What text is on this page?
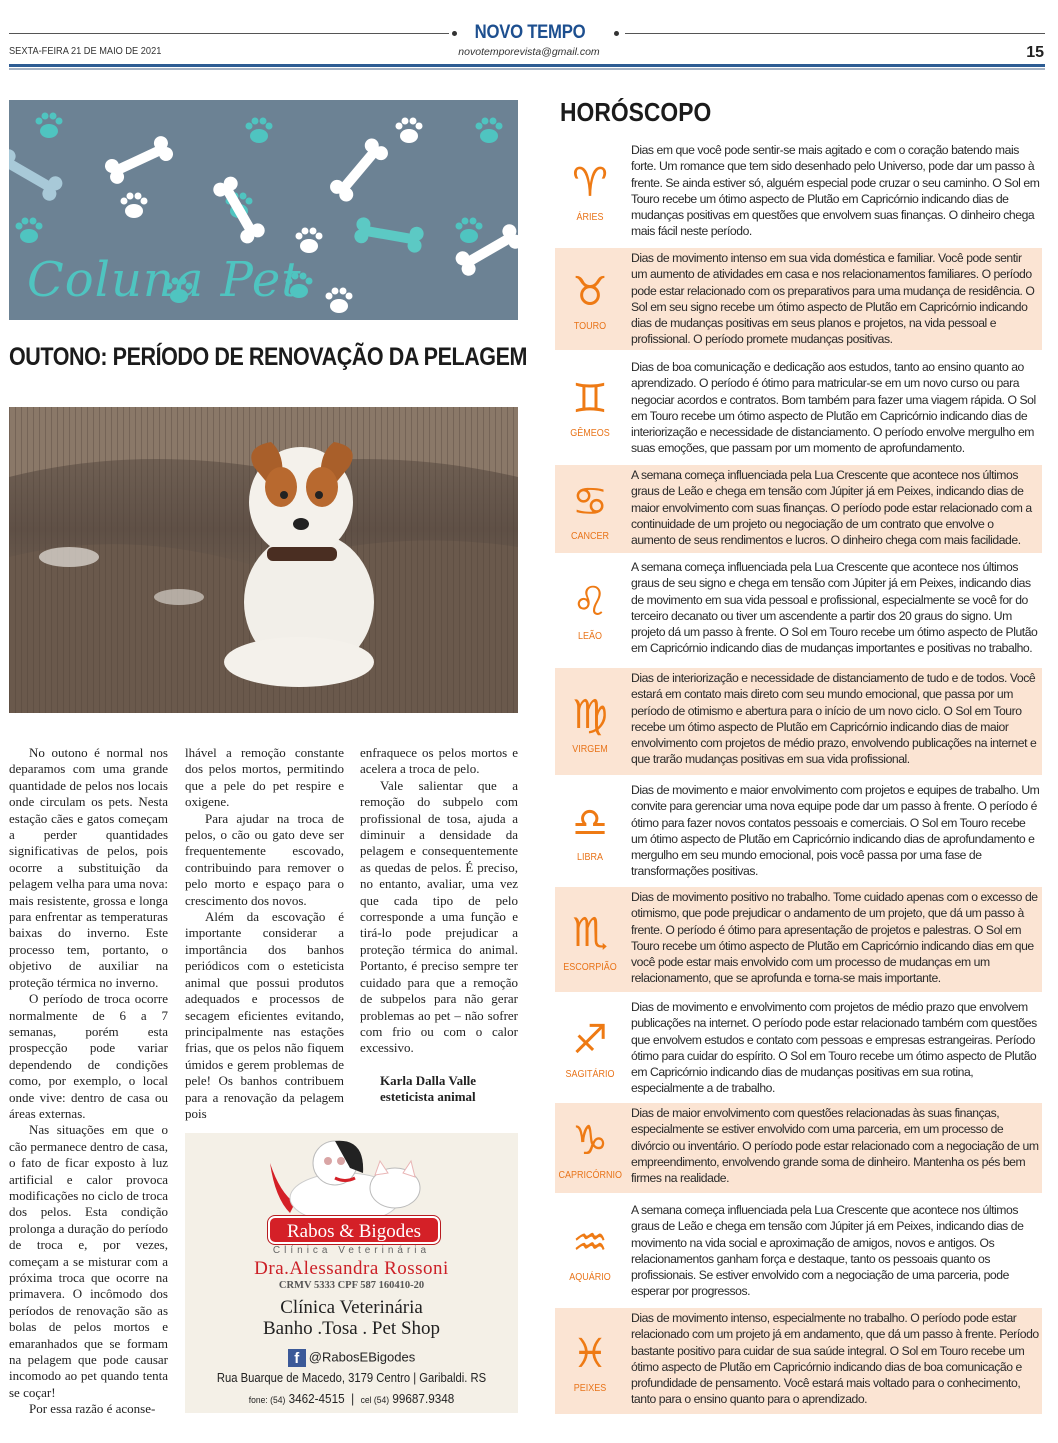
NOVO TEMPO
SEXTA-FEIRA 21 DE MAIO DE 2021	novotemporevista@gmail.com	15
Coluna Pet
OUTONO: PERÍODO DE RENOVAÇÃO DA PELAGEM

No outono é normal nos deparamos com uma grande quantidade de pelos nos locais onde circulam os pets. Nesta estação cães e gatos começam a perder quantidades significativas de pelos, pois ocorre a substituição da pelagem velha para uma nova: mais resistente, grossa e longa para enfrentar as temperaturas baixas do inverno. Este processo tem, portanto, o objetivo de auxiliar na proteção térmica no inverno.

O período de troca ocorre normalmente de 6 a 7 semanas, porém esta prospecção pode variar dependendo de condições como, por exemplo, o local onde vive: dentro de casa ou áreas externas.

Nas situações em que o cão permanece dentro de casa, o fato de ficar exposto à luz artificial e calor provoca modificações no ciclo de troca dos pelos. Esta condição prolonga a duração do período de troca e, por vezes, começam a se misturar com a próxima troca que ocorre na primavera. O incômodo dos períodos de renovação são as bolas de pelos mortos e emaranhados que se formam na pelagem que pode causar incomodo ao pet quando tenta se coçar!

Por essa razão é aconse-

lhável a remoção constante dos pelos mortos, permitindo que a pele do pet respire e oxigene.

Para ajudar na troca de pelos, o cão ou gato deve ser frequentemente escovado, contribuindo para remover o pelo morto e espaço para o crescimento dos novos.

Além da escovação é importante considerar a importância dos banhos periódicos com o esteticista animal que possui produtos adequados e processos de secagem eficientes evitando, principalmente nas estações frias, que os pelos não fiquem úmidos e gerem problemas de pele! Os banhos contribuem para a renovação da pelagem pois

enfraquece os pelos mortos e acelera a troca de pelo.

Vale salientar que a remoção do subpelo com profissional de tosa, ajuda a diminuir a densidade da pelagem e consequentemente as quedas de pelos. É preciso, no entanto, avaliar, uma vez que cada tipo de pelo corresponde a uma função e tirá-lo pode prejudicar a proteção térmica do animal. Portanto, é preciso sempre ter cuidado para que a remoção de subpelos para não gerar problemas ao pet – não sofrer com frio ou com o calor excessivo.

Karla Dalla Valle
esteticista animal
Rabos & Bigodes
Clínica Veterinária
Dra.Alessandra Rossoni
CRMV 5333 CPF 587 160410-20
Clínica Veterinária
Banho .Tosa . Pet Shop
f @RabosEBigodes
Rua Buarque de Macedo, 3179 Centro | Garibaldi. RS
fone: (54) 3462-4515  |  cel (54) 99687.9348
HORÓSCOPO
♈
ÁRIES
Dias em que você pode sentir-se mais agitado e com o coração batendo mais forte. Um romance que tem sido desenhado pelo Universo, pode dar um passo à frente. Se ainda estiver só, alguém especial pode cruzar o seu caminho. O Sol em Touro recebe um ótimo aspecto de Plutão em Capricórnio indicando dias de mudanças positivas em questões que envolvem suas finanças. O dinheiro chega mais fácil neste período.
♉
TOURO
Dias de movimento intenso em sua vida doméstica e familiar. Você pode sentir um aumento de atividades em casa e nos relacionamentos familiares. O período pode estar relacionado com os preparativos para uma mudança de residência. O Sol em seu signo recebe um ótimo aspecto de Plutão em Capricórnio indicando dias de mudanças positivas em seus planos e projetos, na vida pessoal e profissional. O período promete mudanças positivas.
♊
GÊMEOS
Dias de boa comunicação e dedicação aos estudos, tanto ao ensino quanto ao aprendizado. O período é ótimo para matricular-se em um novo curso ou para negociar acordos e contratos. Bom também para fazer uma viagem rápida. O Sol em Touro recebe um ótimo aspecto de Plutão em Capricórnio indicando dias de interiorização e necessidade de distanciamento. O período envolve mergulho em suas emoções, que passam por um momento de aprofundamento.
♋
CANCER
A semana começa influenciada pela Lua Crescente que acontece nos últimos graus de Leão e chega em tensão com Júpiter já em Peixes, indicando dias de maior envolvimento com suas finanças. O período pode estar relacionado com a continuidade de um projeto ou negociação de um contrato que envolve o aumento de seus rendimentos e lucros. O dinheiro chega com mais facilidade.
♌
LEÃO
A semana começa influenciada pela Lua Crescente que acontece nos últimos graus de seu signo e chega em tensão com Júpiter já em Peixes, indicando dias de movimento em sua vida pessoal e profissional, especialmente se você for do terceiro decanato ou tiver um ascendente a partir dos 20 graus do signo. Um projeto dá um passo à frente. O Sol em Touro recebe um ótimo aspecto de Plutão em Capricórnio indicando dias de mudanças importantes e positivas no trabalho.
♍
VIRGEM
Dias de interiorização e necessidade de distanciamento de tudo e de todos. Você estará em contato mais direto com seu mundo emocional, que passa por um período de otimismo e abertura para o início de um novo ciclo. O Sol em Touro recebe um ótimo aspecto de Plutão em Capricórnio indicando dias de maior envolvimento com projetos de médio prazo, envolvendo publicações na internet e que trarão mudanças positivas em sua vida profissional.
♎
LIBRA
Dias de movimento e maior envolvimento com projetos e equipes de trabalho. Um convite para gerenciar uma nova equipe pode dar um passo à frente. O período é ótimo para fazer novos contatos pessoais e comerciais. O Sol em Touro recebe um ótimo aspecto de Plutão em Capricórnio indicando dias de aprofundamento e mergulho em seu mundo emocional, pois você passa por uma fase de transformações positivas.
♏
ESCORPIÃO
Dias de movimento positivo no trabalho. Tome cuidado apenas com o excesso de otimismo, que pode prejudicar o andamento de um projeto, que dá um passo à frente. O período é ótimo para apresentação de projetos e palestras. O Sol em Touro recebe um ótimo aspecto de Plutão em Capricórnio indicando dias em que você pode estar mais envolvido com um processo de mudanças em um relacionamento, que se aprofunda e torna-se mais importante.
♐
SAGITÁRIO
Dias de movimento e envolvimento com projetos de médio prazo que envolvem publicações na internet. O período pode estar relacionado também com questões que envolvem estudos e contato com pessoas e empresas estrangeiras. Período ótimo para cuidar do espírito. O Sol em Touro recebe um ótimo aspecto de Plutão em Capricórnio indicando dias de mudanças positivas em sua rotina, especialmente a de trabalho.
♑
CAPRICÓRNIO
Dias de maior envolvimento com questões relacionadas às suas finanças, especialmente se estiver envolvido com uma parceria, em um processo de divórcio ou inventário. O período pode estar relacionado com a negociação de um empreendimento, envolvendo grande soma de dinheiro. Mantenha os pés bem firmes na realidade.
♒
AQUÁRIO
A semana começa influenciada pela Lua Crescente que acontece nos últimos graus de Leão e chega em tensão com Júpiter já em Peixes, indicando dias de movimento na vida social e aproximação de amigos, novos e antigos. Os relacionamentos ganham força e destaque, tanto os pessoais quanto os profissionais. Se estiver envolvido com a negociação de uma parceria, pode esperar por progressos.
♓
PEIXES
Dias de movimento intenso, especialmente no trabalho. O período pode estar relacionado com um projeto já em andamento, que dá um passo à frente. Período bastante positivo para cuidar de sua saúde integral. O Sol em Touro recebe um ótimo aspecto de Plutão em Capricórnio indicando dias de boa comunicação e profundidade de pensamento. Você estará mais voltado para o conhecimento, tanto para o ensino quanto para o aprendizado.
